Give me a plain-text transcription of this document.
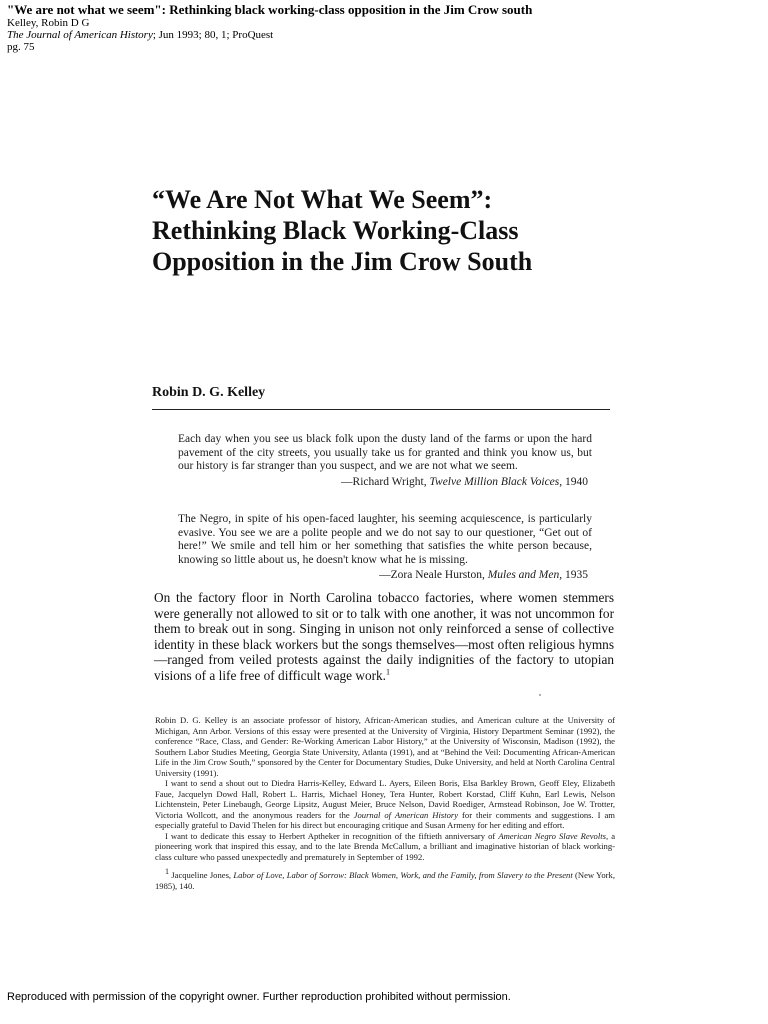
"We are not what we seem": Rethinking black working-class opposition in the Jim Crow south
Kelley, Robin D G
The Journal of American History; Jun 1993; 80, 1; ProQuest
pg. 75
“We Are Not What We Seem”:
Rethinking Black Working-Class
Opposition in the Jim Crow South
Robin D. G. Kelley
Each day when you see us black folk upon the dusty land of the farms or upon the hard pavement of the city streets, you usually take us for granted and think you know us, but our history is far stranger than you suspect, and we are not what we seem.
—Richard Wright, Twelve Million Black Voices, 1940
The Negro, in spite of his open-faced laughter, his seeming acquiescence, is particularly evasive. You see we are a polite people and we do not say to our questioner, “Get out of here!” We smile and tell him or her something that satisfies the white person because, knowing so little about us, he doesn't know what he is missing.
—Zora Neale Hurston, Mules and Men, 1935
On the factory floor in North Carolina tobacco factories, where women stemmers were generally not allowed to sit or to talk with one another, it was not uncommon for them to break out in song. Singing in unison not only reinforced a sense of collective identity in these black workers but the songs themselves—most often religious hymns—ranged from veiled protests against the daily indignities of the factory to utopian visions of a life free of difficult wage work.$^1$

Robin D. G. Kelley is an associate professor of history, African-American studies, and American culture at the University of Michigan, Ann Arbor. Versions of this essay were presented at the University of Virginia, History Department Seminar (1992), the conference “Race, Class, and Gender: Re-Working American Labor History,” at the University of Wisconsin, Madison (1992), the Southern Labor Studies Meeting, Georgia State University, Atlanta (1991), and at “Behind the Veil: Documenting African-American Life in the Jim Crow South,” sponsored by the Center for Documentary Studies, Duke University, and held at North Carolina Central University (1991).

I want to send a shout out to Diedra Harris-Kelley, Edward L. Ayers, Eileen Boris, Elsa Barkley Brown, Geoff Eley, Elizabeth Faue, Jacquelyn Dowd Hall, Robert L. Harris, Michael Honey, Tera Hunter, Robert Korstad, Cliff Kuhn, Earl Lewis, Nelson Lichtenstein, Peter Linebaugh, George Lipsitz, August Meier, Bruce Nelson, David Roediger, Armstead Robinson, Joe W. Trotter, Victoria Wollcott, and the anonymous readers for the Journal of American History for their comments and suggestions. I am especially grateful to David Thelen for his direct but encouraging critique and Susan Armeny for her editing and effort.

I want to dedicate this essay to Herbert Aptheker in recognition of the fiftieth anniversary of American Negro Slave Revolts, a pioneering work that inspired this essay, and to the late Brenda McCallum, a brilliant and imaginative historian of black working-class culture who passed unexpectedly and prematurely in September of 1992.

1 Jacqueline Jones, Labor of Love, Labor of Sorrow: Black Women, Work, and the Family, from Slavery to the Present (New York, 1985), 140.

Reproduced with permission of the copyright owner. Further reproduction prohibited without permission.
